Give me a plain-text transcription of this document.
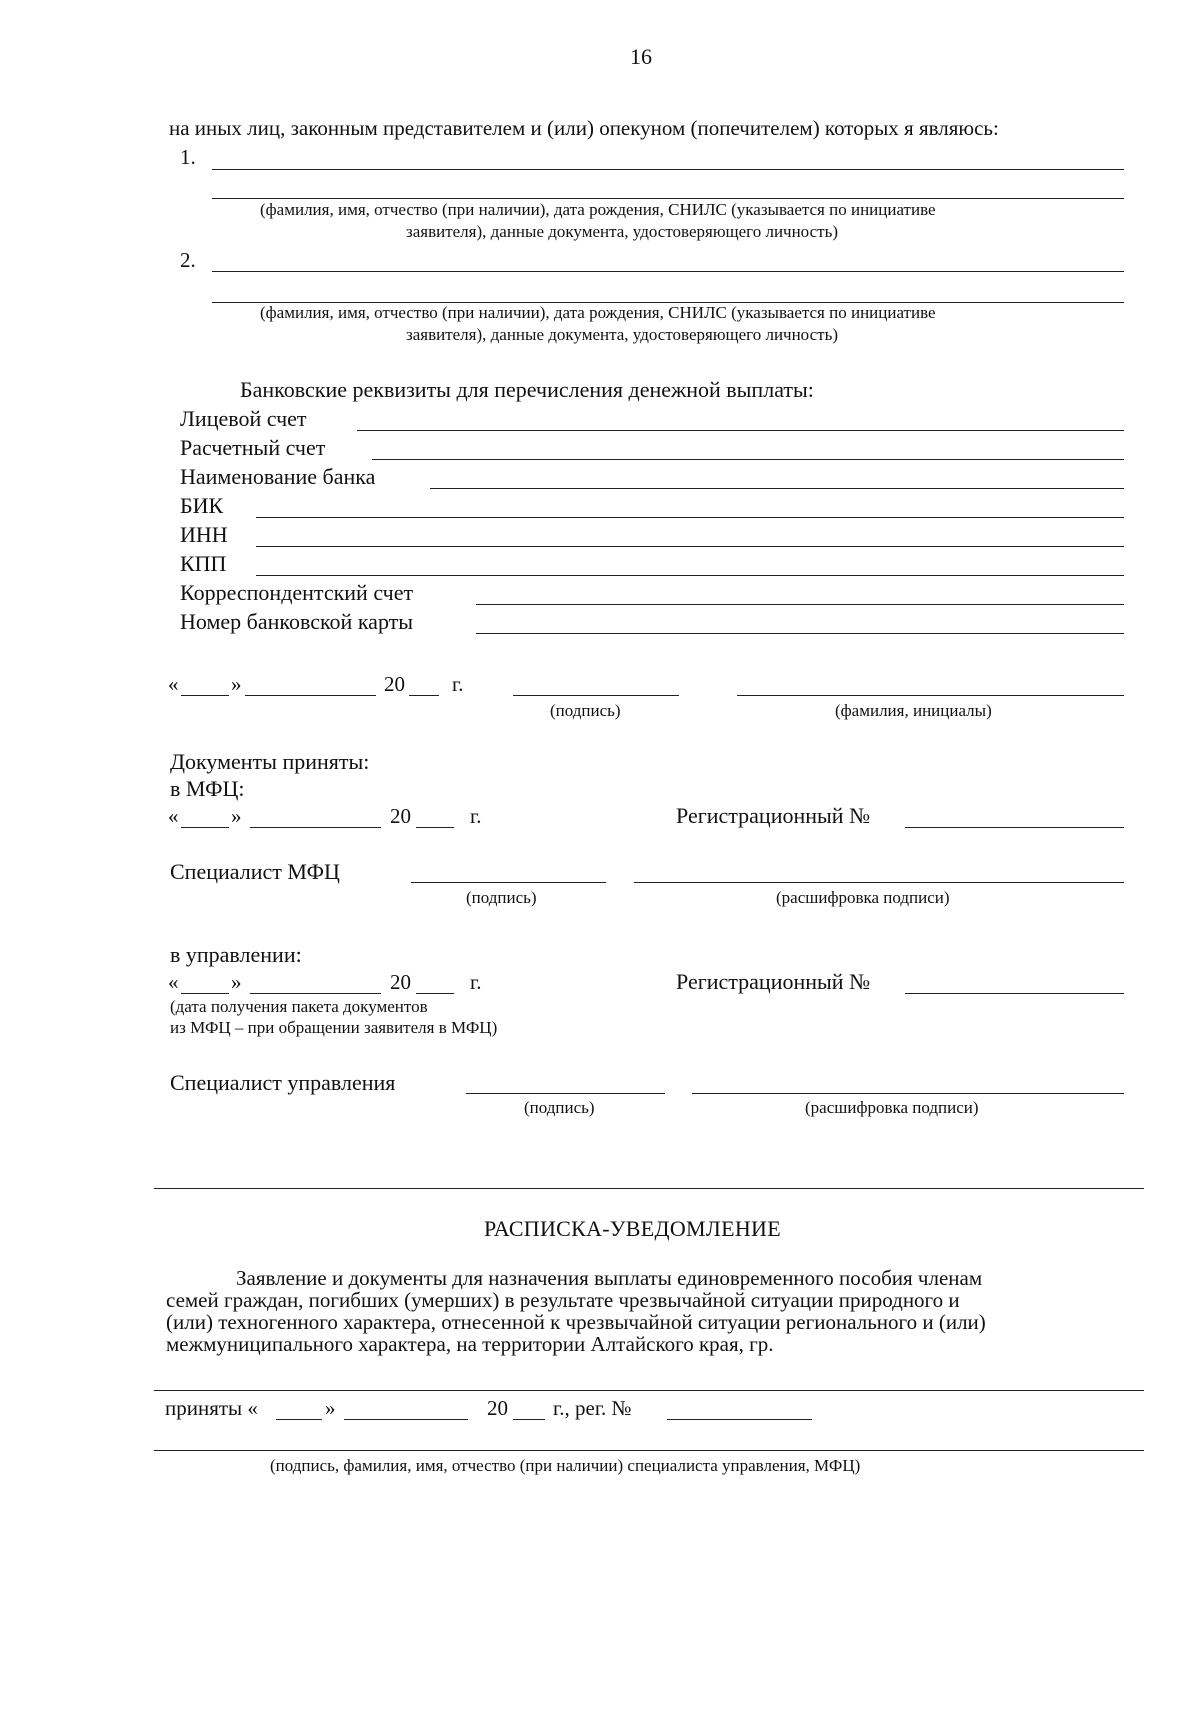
16
на иных лиц, законным представителем и (или) опекуном (попечителем) которых я являюсь:
1.
(фамилия, имя, отчество (при наличии), дата рождения, СНИЛС (указывается по инициативе
заявителя), данные документа, удостоверяющего личность)
2.
(фамилия, имя, отчество (при наличии), дата рождения, СНИЛС (указывается по инициативе
заявителя), данные документа, удостоверяющего личность)
Банковские реквизиты для перечисления денежной выплаты:
Лицевой счет
Расчетный счет
Наименование банка
БИК
ИНН
КПП
Корреспондентский счет
Номер банковской карты
«	»	20 г.
(подпись)	(фамилия, инициалы)
Документы приняты:
в МФЦ:
«	»	20	г.	Регистрационный №
Специалист МФЦ
(подпись)	(расшифровка подписи)
в управлении:
«	»	20	г.	Регистрационный №
(дата получения пакета документов
из МФЦ – при обращении заявителя в МФЦ)
Специалист управления
(подпись)	(расшифровка подписи)
РАСПИСКА-УВЕДОМЛЕНИЕ
Заявление и документы для назначения выплаты единовременного пособия членам
семей граждан, погибших (умерших) в результате чрезвычайной ситуации природного и
(или) техногенного характера, отнесенной к чрезвычайной ситуации регионального и (или)
межмуниципального характера, на территории Алтайского края, гр.
приняты «	»	20 г., рег. №
(подпись, фамилия, имя, отчество (при наличии) специалиста управления, МФЦ)
